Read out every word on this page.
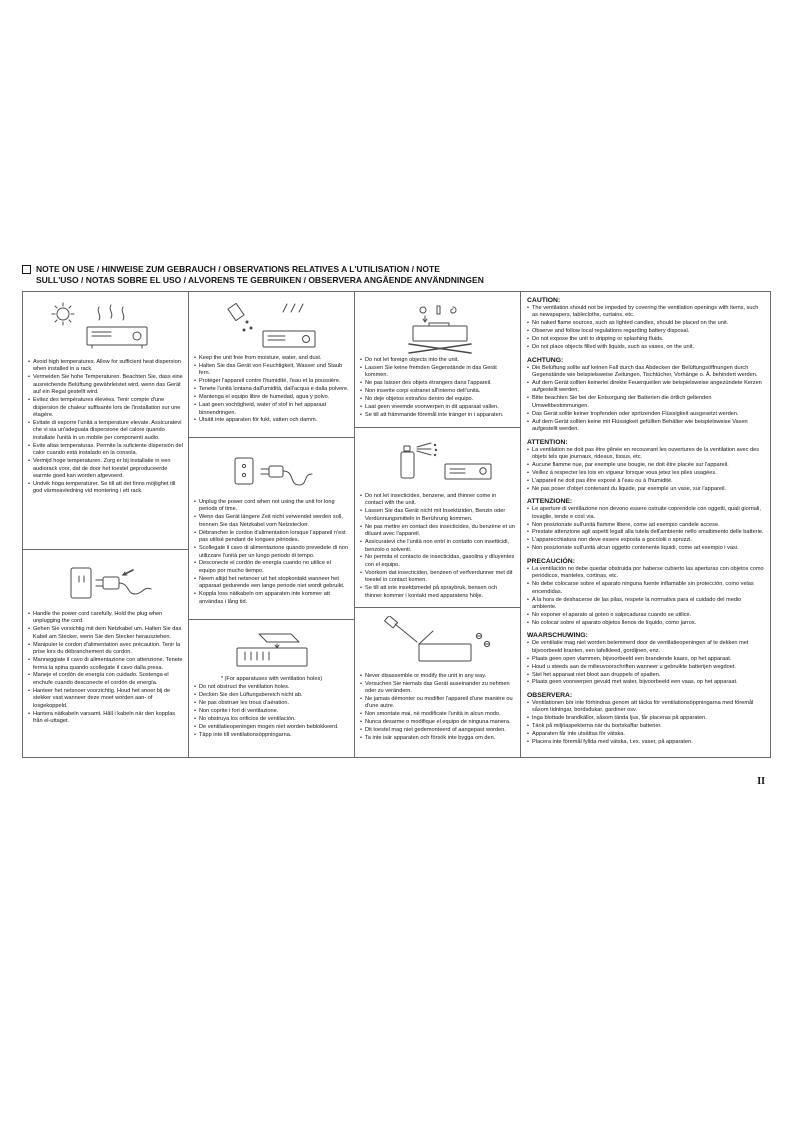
NOTE ON USE / HINWEISE ZUM GEBRAUCH / OBSERVATIONS RELATIVES A L'UTILISATION / NOTE
SULL'USO / NOTAS SOBRE EL USO / ALVORENS TE GEBRUIKEN / OBSERVERA ANGÅENDE ANVÄNDNINGEN
• Avoid high temperatures. Allow for sufficient heat dispersion when installed in a rack.
• Vermeiden Sie hohe Temperaturen. Beachten Sie, dass eine ausreichende Belüftung gewährleistet wird, wenn das Gerät auf ein Regal gestellt wird.
• Evitez des températures élevées. Tenir compte d'une dispersion de chaleur suffisante lors de l'installation sur une étagère.
• Evitate di esporre l'unità a temperature elevate. Assicuratevi che vi sia un'adeguata dispersione del calore quando installate l'unità in un mobile per componenti audio.
• Evite altas temperaturas. Permite la suficiente dispersión del calor cuando está instalado en la consola.
• Vermijd hoge temperaturen. Zorg er bij installatie in een audiorack voor, dat de door het toestel geproduceerde warmte goed kan worden afgevoerd.
• Undvik höga temperaturer. Se till att det finns möjlighet till god värmeavledning vid montering i ett rack.
• Handle the power cord carefully. Hold the plug when unplugging the cord.
• Gehen Sie vorsichtig mit dem Netzkabel um. Halten Sie das Kabel am Stecker, wenn Sie den Stecker herausziehen.
• Manipuler le cordon d'alimentation avec précaution. Tenir la prise lors du débranchement du cordon.
• Manneggiate il cavo di alimentazione con attenzione. Tenete ferma la spina quando scollegate il cavo dalla presa.
• Maneje el cordón de energía con cuidado. Sostenga el enchufe cuando desconecte el cordón de energía.
• Hanteer het netsnoer voorzichtig. Houd het snoer bij de stekker vast wanneer deze moet worden aan- of losgekoppeld.
• Hantera nätkabeln varsamt. Håll i kabeln när den kopplas från el-uttaget.
• Keep the unit free from moisture, water, and dust.
• Halten Sie das Gerät von Feuchtigkeit, Wasser und Staub fern.
• Protéger l'appareil contre l'humidité, l'eau et la poussière.
• Tenete l'unità lontana dall'umidità, dall'acqua e dalla polvere.
• Mantenga el equipo libre de humedad, agua y polvo.
• Laat geen vochtigheid, water of stof in het apparaat binnendringen.
• Utsätt inte apparaten för fukt, vatten och damm.
• Unplug the power cord when not using the unit for long periods of time.
• Wenn das Gerät längere Zeit nicht verwendet werden soll, trennen Sie das Netzkabel vom Netzstecker.
• Débrancher le cordon d'alimentation lorsque l'appareil n'est pas utilisé pendant de longues périodes.
• Scollegate il cavo di alimentazione quando prevedete di non utilizzare l'unità per un lungo periodo di tempo.
• Desconecte el cordón de energía cuando no utilice el equipo por mucho tiempo.
• Neem altijd het netsnoer uit het stopkontakt wanneer het apparaat gedurende een lange periode niet wordt gebruikt.
• Koppla loss nätkabeln om apparaten inte kommer att användas i lång tid.
* (For apparatuses with ventilation holes)
• Do not obstruct the ventilation holes.
• Decken Sie den Lüftungsbereich nicht ab.
• Ne pas obstruer les trous d'aération.
• Non coprite i fori di ventilazione.
• No obstruya los orificios de ventilación.
• De ventilatieopeningen mogen niet worden beblokkeerd.
• Täpp inte till ventilationsöppningarna.
• Do not let foreign objects into the unit.
• Lassen Sie keine fremden Gegenstände in das Gerät kommen.
• Ne pas laisser des objets étrangers dans l'appareil.
• Non inserite corpi estranei all'interno dell'unità.
• No deje objetos extraños dentro del equipo.
• Laat geen vreemde voorwerpen in dit apparaat vallen.
• Se till att främmande föremål inte tränger in i apparaten.
• Do not let insecticides, benzene, and thinner come in contact with the unit.
• Lassen Sie das Gerät nicht mit Insektiziden, Benzin oder Verdünnungsmitteln in Berührung kommen.
• Ne pas mettre en contact des insecticides, du benzène et un diluant avec l'appareil.
• Assicuratevi che l'unità non entri in contatto con insetticidi, benzolo o solventi.
• No permita el contacto de insecticidas, gasolina y diluyentes con el equipo.
• Voorkom dat insecticiden, benzeen of verfverdunner met dit toestel in contact komen.
• Se till att inte insektsmedel på spraybruk, bensen och thinner kommer i kontakt med apparatens hölje.
• Never disassemble or modify the unit in any way.
• Versuchen Sie niemals das Gerät auseinander zu nehmen oder zu verändern.
• Ne jamais démonter ou modifier l'appareil d'une manière ou d'une autre.
• Non smontate mai, nè modificate l'unità in alcun modo.
• Nunca desarme o modifique el equipo de ninguna manera.
• Dit toestel mag niet gedemonteerd of aangepast worden.
• Ta inte isär apparaten och försök inte bygga om den.
CAUTION:
• The ventilation should not be impeded by covering the ventilation openings with items, such as newspapers, tablecloths, curtains, etc.
• No naked flame sources, such as lighted candles, should be placed on the unit.
• Observe and follow local regulations regarding battery disposal.
• Do not expose the unit to dripping or splashing fluids.
• Do not place objects filled with liquids, such as vases, on the unit.
ACHTUNG:
• Die Belüftung sollte auf keinen Fall durch das Abdecken der Belüftungsöffnungen durch Gegenstände wie beispielsweise Zeitungen, Tischtücher, Vorhänge o. Ä. behindert werden.
• Auf dem Gerät sollten keinerlei direkte Feuerquellen wie beispielsweise angezündete Kerzen aufgestellt werden.
• Bitte beachten Sie bei der Entsorgung der Batterien die örtlich geltenden Umweltbestimmungen.
• Das Gerät sollte keiner tropfenden oder spritzenden Flüssigkeit ausgesetzt werden.
• Auf dem Gerät sollten keine mit Flüssigkeit gefüllten Behälter wie beispielsweise Vasen aufgestellt werden.
ATTENTION:
• La ventilation ne doit pas être gênée en recouvrant les ouvertures de la ventilation avec des objets tels que journaux, rideaux, tissus, etc.
• Aucune flamme nue, par exemple une bougie, ne doit être placée sur l'appareil.
• Veillez à respecter les lois en vigueur lorsque vous jetez les piles usagées.
• L'appareil ne doit pas être exposé à l'eau ou à l'humidité.
• Ne pas poser d'objet contenant du liquide, par exemple un vase, sur l'appareil.
ATTENZIONE:
• Le aperture di ventilazione non devono essere ostruite coprendole con oggetti, quali giornali, tovaglie, tende e così via.
• Non posizionate sull'unità fiamme libere, come ad esempio candele accese.
• Prestate attenzione agli aspetti legati alla tutela dell'ambiente nello smaltimento delle batterie.
• L'apparecchiatura non deve essere esposta a gocciolii o spruzzi.
• Non posizionate sull'unità alcun oggetto contenente liquidi, come ad esempio i vasi.
PRECAUCIÓN:
• La ventilación no debe quedar obstruida por haberse cubierto las aperturas con objetos como periódicos, manteles, cortinas, etc.
• No debe colocarse sobre el aparato ninguna fuente inflamable sin protección, como velas encendidas.
• A la hora de deshacerse de las pilas, respete la normativa para el cuidado del medio ambiente.
• No exponer el aparato al goteo o salpicaduras cuando se utilice.
• No colocar sobre el aparato objetos llenos de líquido, como jarros.
WAARSCHUWING:
• De ventilatie mag niet worden belemmerd door de ventilatieopeningen af te dekken met bijvoorbeeld kranten, een tafelkleed, gordijnen, enz.
• Plaats geen open vlammen, bijvoorbeeld een brandende kaars, op het apparaat.
• Houd u steeds aan de milieuvoorschriften wanneer u gebruikte batterijen wegdoet.
• Stel het apparaat niet bloot aan druppels of spatten.
• Plaats geen voorwerpen gevuld met water, bijvoorbeeld een vaas, op het apparaat.
OBSERVERA:
• Ventilationen bör inte förhindras genom att täcka för ventilationsöppningarna med föremål såsom tidningar, bordsdukar, gardiner osv.
• Inga blottade brandkällor, såsom tända ljus, får placeras på apparaten.
• Tänk på miljöaspekterna när du bortskaffar batterier.
• Apparaten får inte utsättas för vätska.
• Placera inte föremål fyllda med vätska, t.ex. vaser, på apparaten.
II
